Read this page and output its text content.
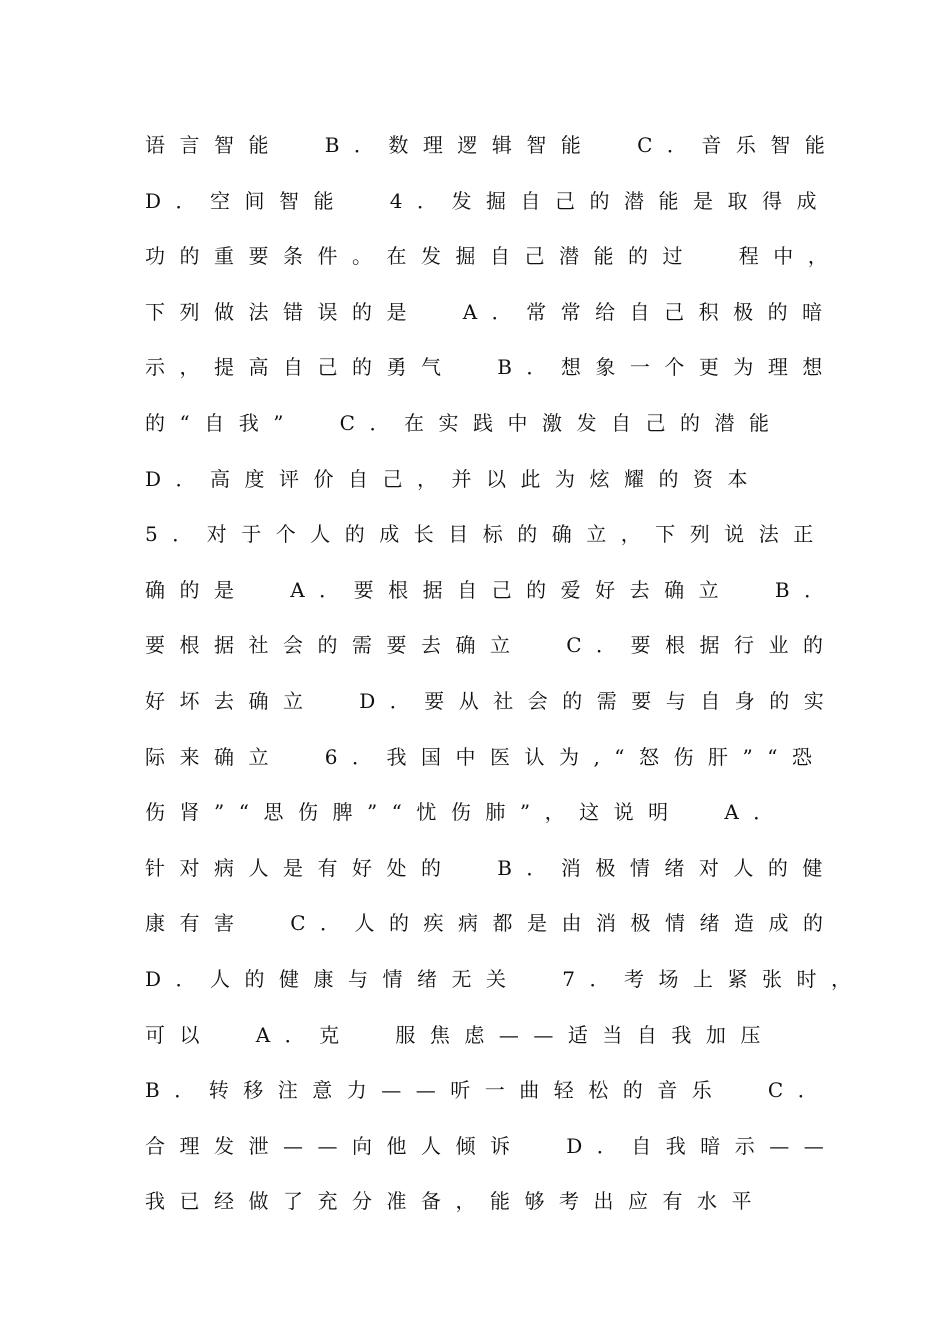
语言智能  B．数理逻辑智能  C．音乐智能
D．空间智能  4．发掘自己的潜能是取得成
功的重要条件。在发掘自己潜能的过  程中，
下列做法错误的是  A．常常给自己积极的暗
示，提高自己的勇气  B．想象一个更为理想
的“自我”  C．在实践中激发自己的潜能
D．高度评价自己，并以此为炫耀的资本
5．对于个人的成长目标的确立，下列说法正
确的是  A．要根据自己的爱好去确立  B．
要根据社会的需要去确立  C．要根据行业的
好坏去确立  D．要从社会的需要与自身的实
际来确立  6．我国中医认为,“怒伤肝”“恐
伤肾”“思伤脾”“忧伤肺”，这说明  A．
针对病人是有好处的  B．消极情绪对人的健
康有害  C．人的疾病都是由消极情绪造成的
D．人的健康与情绪无关  7．考场上紧张时，
可以  A．克  服焦虑——适当自我加压
B．转移注意力——听一曲轻松的音乐  C．
合理发泄——向他人倾诉  D．自我暗示——
我已经做了充分准备，能够考出应有水平
